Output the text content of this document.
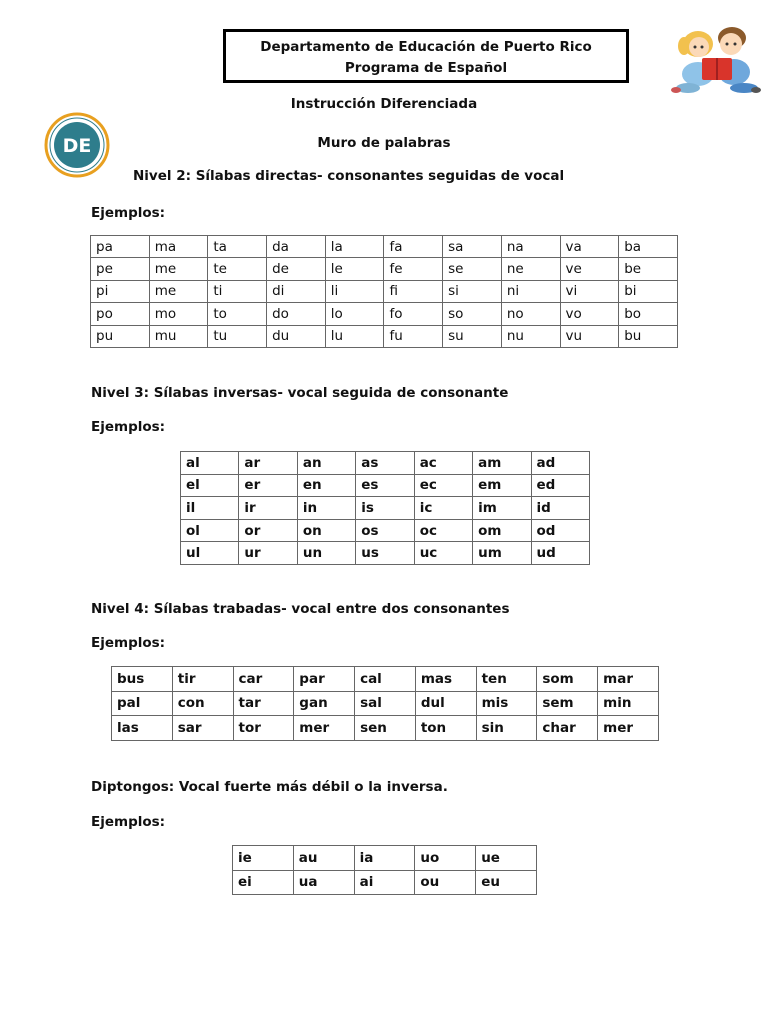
Departamento de Educación de Puerto Rico
Programa de Español
DE
Instrucción Diferenciada
Muro de palabras
Nivel 2: Sílabas directas- consonantes seguidas de vocal
Ejemplos:
pa	ma	ta	da	la	fa	sa	na	va	ba
pe	me	te	de	le	fe	se	ne	ve	be
pi	me	ti	di	li	fi	si	ni	vi	bi
po	mo	to	do	lo	fo	so	no	vo	bo
pu	mu	tu	du	lu	fu	su	nu	vu	bu
Nivel 3: Sílabas inversas- vocal seguida de consonante
Ejemplos:
al	ar	an	as	ac	am	ad
el	er	en	es	ec	em	ed
il	ir	in	is	ic	im	id
ol	or	on	os	oc	om	od
ul	ur	un	us	uc	um	ud
Nivel 4: Sílabas trabadas- vocal entre dos consonantes
Ejemplos:
bus	tir	car	par	cal	mas	ten	som	mar
pal	con	tar	gan	sal	dul	mis	sem	min
las	sar	tor	mer	sen	ton	sin	char	mer
Diptongos: Vocal fuerte más débil o la inversa.
Ejemplos:
ie	au	ia	uo	ue
ei	ua	ai	ou	eu
